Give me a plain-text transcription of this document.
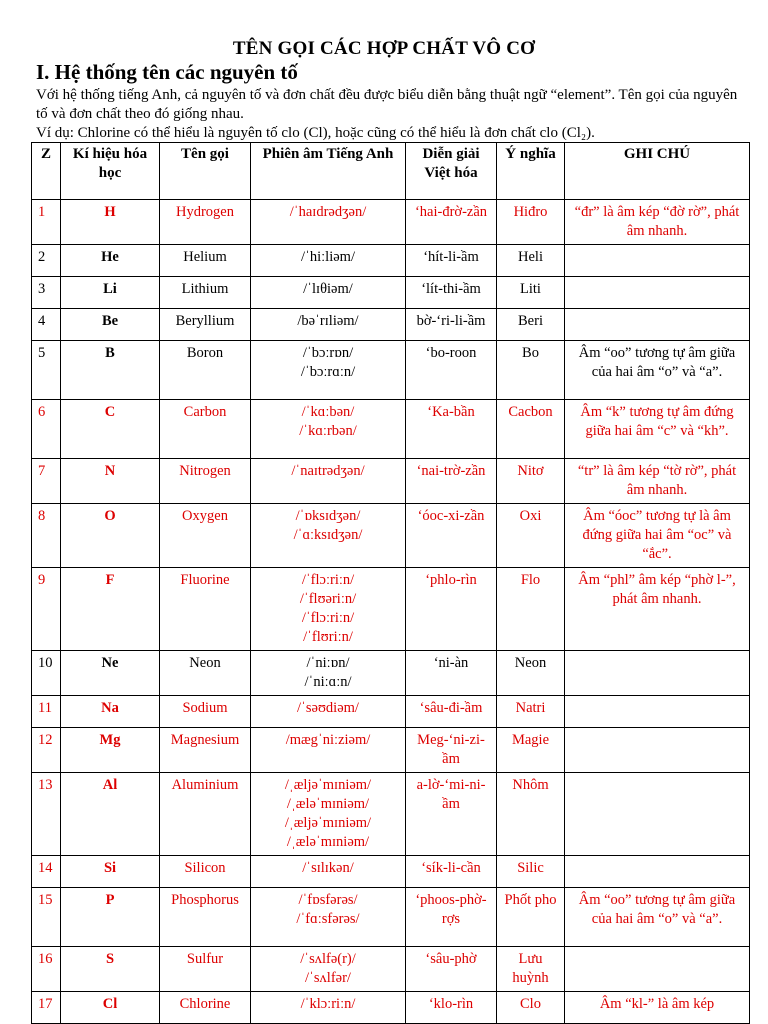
TÊN GỌI CÁC HỢP CHẤT VÔ CƠ
I. Hệ thống tên các nguyên tố

Với hệ thống tiếng Anh, cả nguyên tố và đơn chất đều được biểu diễn bằng thuật ngữ “element”. Tên gọi của nguyên tố và đơn chất theo đó giống nhau.

Ví dụ: Chlorine có thể hiểu là nguyên tố clo (Cl), hoặc cũng có thể hiểu là đơn chất clo (Cl₂).

Z	Kí hiệu hóa học	Tên gọi	Phiên âm Tiếng Anh	Diễn giải Việt hóa	Ý nghĩa	GHI CHÚ
1	H	Hydrogen	/ˈhaɪdrədʒən/	‘hai-đrờ-zần	Hiđro	“đr” là âm kép “đờ rờ”, phát âm nhanh.
2	He	Helium	/ˈhiːliəm/	‘hít-li-ầm	Heli	
3	Li	Lithium	/ˈlɪθiəm/	‘lít-thi-ầm	Liti	
4	Be	Beryllium	/bəˈrɪliəm/	bờ-‘ri-li-ầm	Beri	
5	B	Boron	/ˈbɔːrɒn/
/ˈbɔːrɑːn/	‘bo-roon	Bo	Âm “oo” tương tự âm giữa của hai âm “o” và “a”.
6	C	Carbon	/ˈkɑːbən/
/ˈkɑːrbən/	‘Ka-bần	Cacbon	Âm “k” tương tự âm đứng giữa hai âm “c” và “kh”.
7	N	Nitrogen	/ˈnaɪtrədʒən/	‘nai-trờ-zần	Nitơ	“tr” là âm kép “tờ rờ”, phát âm nhanh.
8	O	Oxygen	/ˈɒksɪdʒən/
/ˈɑːksɪdʒən/	‘óoc-xi-zần	Oxi	Âm “óoc” tương tự là âm đứng giữa hai âm “oc” và “ắc”.
9	F	Fluorine	/ˈflɔːriːn/
/ˈflʊəriːn/
/ˈflɔːriːn/
/ˈflʊriːn/	‘phlo-rìn	Flo	Âm “phl” âm kép “phờ l-”, phát âm nhanh.
10	Ne	Neon	/ˈniːɒn/
/ˈniːɑːn/	‘ni-àn	Neon	
11	Na	Sodium	/ˈsəʊdiəm/	‘sâu-đi-ầm	Natri	
12	Mg	Magnesium	/mægˈniːziəm/	Meg-‘ni-zi-ầm	Magie	
13	Al	Aluminium	/ˌæljəˈmɪniəm/
/ˌæləˈmɪniəm/
/ˌæljəˈmɪniəm/
/ˌæləˈmɪniəm/	a-lờ-‘mi-ni-ầm	Nhôm	
14	Si	Silicon	/ˈsɪlɪkən/	‘sík-li-cần	Silic	
15	P	Phosphorus	/ˈfɒsfərəs/
/ˈfɑːsfərəs/	‘phoos-phờ-rợs	Phốt pho	Âm “oo” tương tự âm giữa của hai âm “o” và “a”.
16	S	Sulfur	/ˈsʌlfə(r)/
/ˈsʌlfər/	‘sâu-phờ	Lưu huỳnh	
17	Cl	Chlorine	/ˈklɔːriːn/	‘klo-rìn	Clo	Âm “kl-” là âm kép
